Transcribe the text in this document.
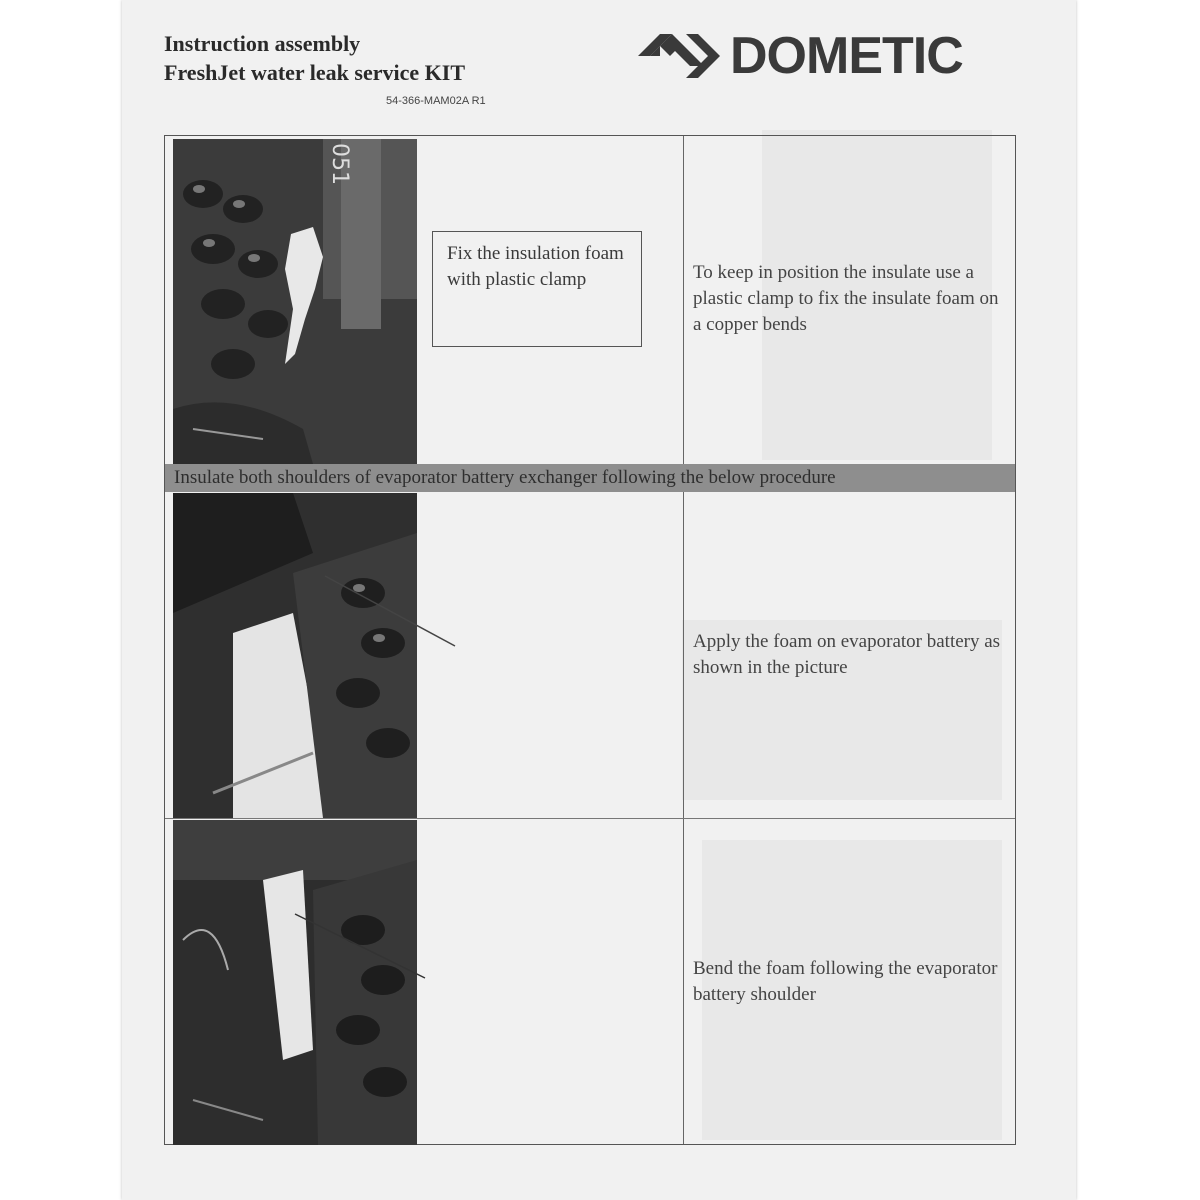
Instruction assembly
FreshJet water leak service KIT
54-366-MAM02A R1
DOMETIC
051
Fix the insulation foam with plastic clamp	To keep in position the insulate use a plastic clamp to fix the insulate foam on a copper bends
Insulate both shoulders of evaporator battery exchanger following the below procedure
Apply the foam on evaporator battery as shown in the picture
Bend the foam following the evaporator battery shoulder
